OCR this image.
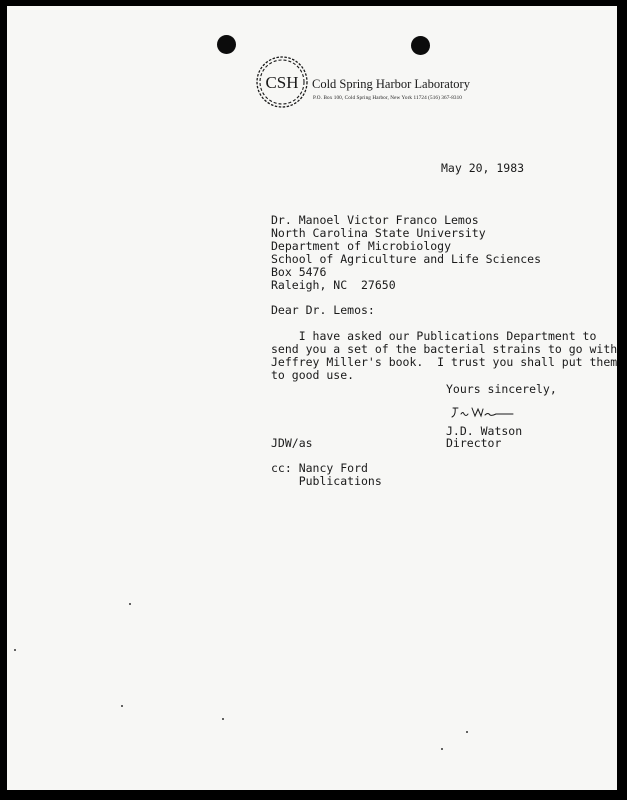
CSH Cold Spring Harbor Laboratory
P.O. Box 100, Cold Spring Harbor, New York 11724 (516) 367-8310
May 20, 1983
Dr. Manoel Victor Franco Lemos
North Carolina State University
Department of Microbiology
School of Agriculture and Life Sciences
Box 5476
Raleigh, NC  27650
Dear Dr. Lemos:
I have asked our Publications Department to
send you a set of the bacterial strains to go with
Jeffrey Miller's book.  I trust you shall put them
to good use.
Yours sincerely,
J.D. Watson
JDW/as	Director
cc: Nancy Ford
Publications
